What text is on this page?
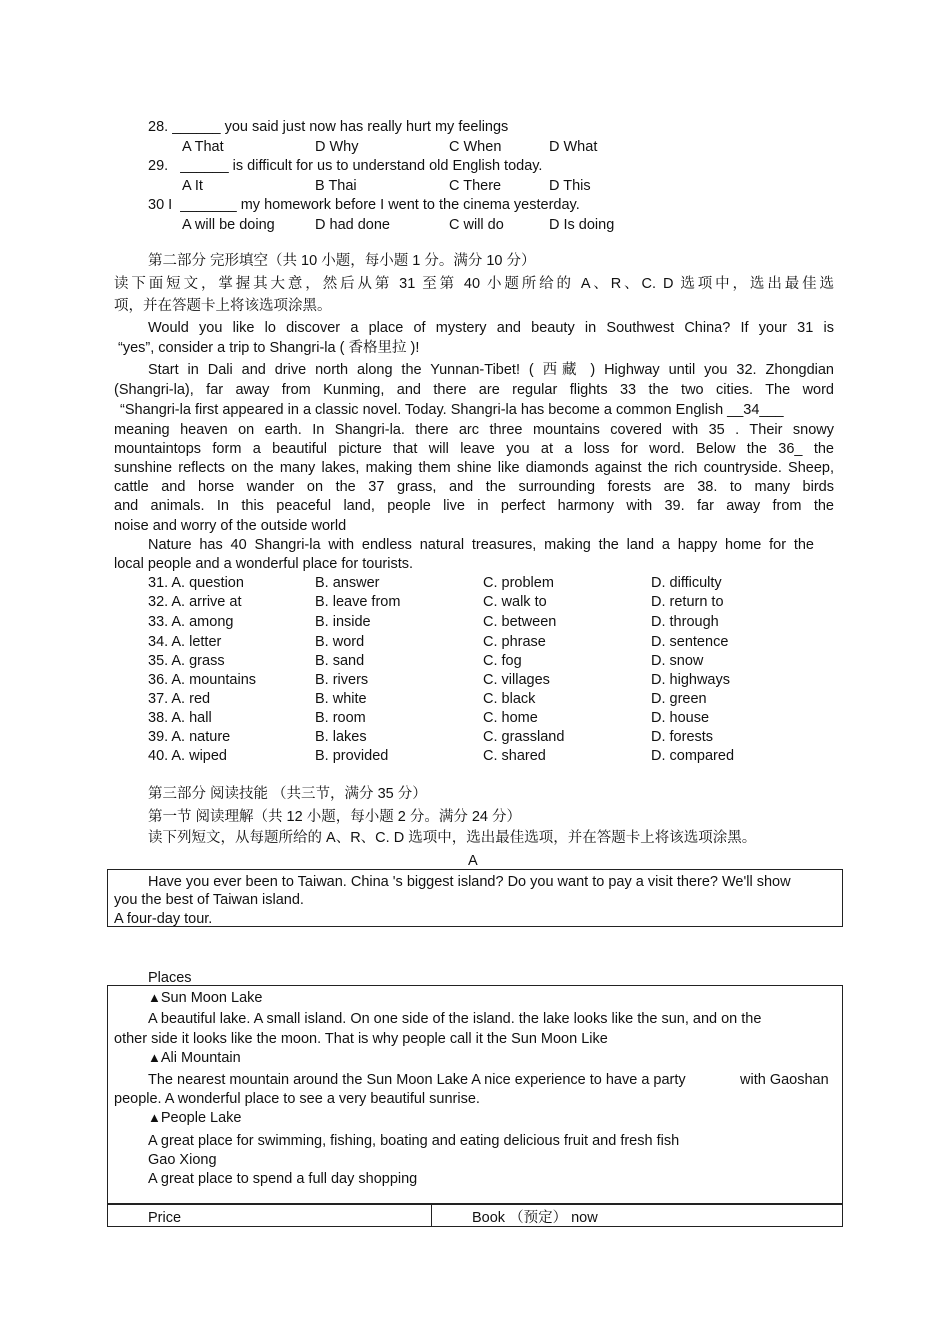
28. ______ you said just now has really hurt my feelings
A That	D Why	C When	D What
29. ______ is difficult for us to understand old English today.
A It	B Thai	C There	D This
30 I _______ my homework before I went to the cinema yesterday.
A will be doing	D had done	C will do	D Is doing
第二部分 完形填空（共 10 小题，每小题 1 分。满分 10 分）
读下面短文，掌握其大意，然后从第 31 至第 40 小题所给的 A、R、C. D 选项中，选出最佳选
项，并在答题卡上将该选项涂黑。
Would you like lo discover a place of mystery and beauty in Southwest China? If your 31 is
“yes”, consider a trip to Shangri-la ( 香格里拉 )!
Start in Dali and drive north along the Yunnan-Tibet! ( 西藏 ) Highway until you 32. Zhongdian
(Shangri-la), far away from Kunming, and there are regular flights 33 the two cities. The word
“Shangri-la first appeared in a classic novel. Today. Shangri-la has become a common English __34___
meaning heaven on earth. In Shangri-la. there arc three mountains covered with 35 . Their snowy
mountaintops form a beautiful picture that will leave you at a loss for word. Below the 36_ the
sunshine reflects on the many lakes, making them shine like diamonds against the rich countryside. Sheep,
cattle and horse wander on the 37 grass, and the surrounding forests are 38. to many birds
and animals. In this peaceful land, people live in perfect harmony with 39. far away from the
noise and worry of the outside world
Nature has 40 Shangri-la with endless natural treasures, making the land a happy home for the
local people and a wonderful place for tourists.
31. A. question	B. answer	C. problem	D. difficulty
32. A. arrive at	B. leave from	C. walk to	D. return to
33. A. among	B. inside	C. between	D. through
34. A. letter	B. word	C. phrase	D. sentence
35. A. grass	B. sand	C. fog	D. snow
36. A. mountains	B. rivers	C. villages	D. highways
37. A. red	B. white	C. black	D. green
38. A. hall	B. room	C. home	D. house
39. A. nature	B. lakes	C. grassland	D. forests
40. A. wiped	B. provided	C. shared	D. compared
第三部分 阅读技能 （共三节，满分 35 分）
第一节 阅读理解（共 12 小题，每小题 2 分。满分 24 分）
读下列短文，从每题所给的 A、R、C. D 选项中，选出最佳选项，并在答题卡上将该选项涂黑。
A
Have you ever been to Taiwan. China 's biggest island? Do you want to pay a visit there? We'll show
you the best of Taiwan island.
A four-day tour.
Places
▲Sun Moon Lake
A beautiful lake. A small island. On one side of the island. the lake looks like the sun, and on the
other side it looks like the moon. That is why people call it the Sun Moon Like
▲Ali Mountain
The nearest mountain around the Sun Moon Lake A nice experience to have a party	with Gaoshan
people. A wonderful place to see a very beautiful sunrise.
▲People Lake
A great place for swimming, fishing, boating and eating delicious fruit and fresh fish
Gao Xiong
A great place to spend a full day shopping
Price	Book （预定） now
